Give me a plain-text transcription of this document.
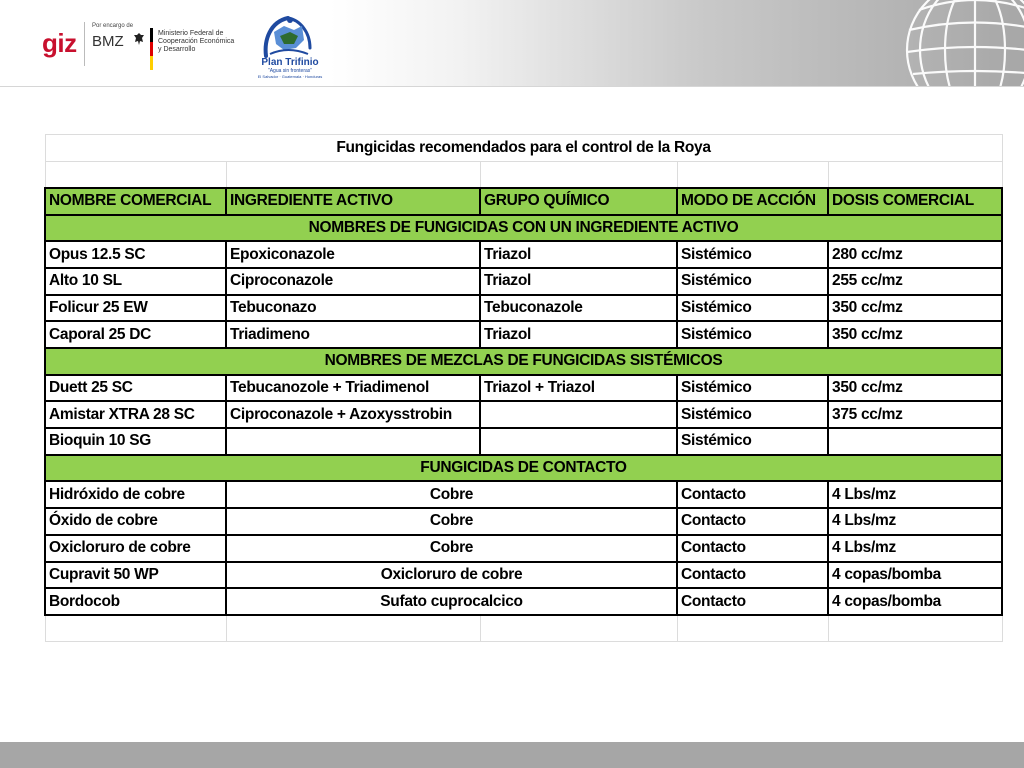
giz
Por encargo de
BMZ	Ministerio Federal de
Cooperación Económica
y Desarrollo
Plan Trifinio
"Agua sin fronteras"
El Salvador · Guatemala · Honduras
Fungicidas recomendados para el control de la Roya				

NOMBRE COMERCIAL	INGREDIENTE ACTIVO	GRUPO QUÍMICO	MODO DE ACCIÓN	DOSIS COMERCIAL
NOMBRES DE FUNGICIDAS CON UN INGREDIENTE ACTIVO				
Opus 12.5 SC	Epoxiconazole	Triazol	Sistémico	280 cc/mz
Alto 10 SL	Ciproconazole	Triazol	Sistémico	255 cc/mz
Folicur 25 EW	Tebuconazo	Tebuconazole	Sistémico	350 cc/mz
Caporal 25 DC	Triadimeno	Triazol	Sistémico	350 cc/mz
NOMBRES DE MEZCLAS DE FUNGICIDAS SISTÉMICOS				
Duett 25 SC	Tebucanozole + Triadimenol	Triazol + Triazol	Sistémico	350 cc/mz
Amistar XTRA 28 SC	Ciproconazole + Azoxysstrobin		Sistémico	375 cc/mz
Bioquin 10 SG			Sistémico	
FUNGICIDAS DE CONTACTO				
Hidróxido de cobre	Cobre		Contacto	4 Lbs/mz
Óxido de cobre	Cobre		Contacto	4 Lbs/mz
Oxicloruro de cobre	Cobre		Contacto	4 Lbs/mz
Cupravit 50 WP	Oxicloruro de cobre		Contacto	4 copas/bomba
Bordocob	Sufato cuprocalcico		Contacto	4 copas/bomba
